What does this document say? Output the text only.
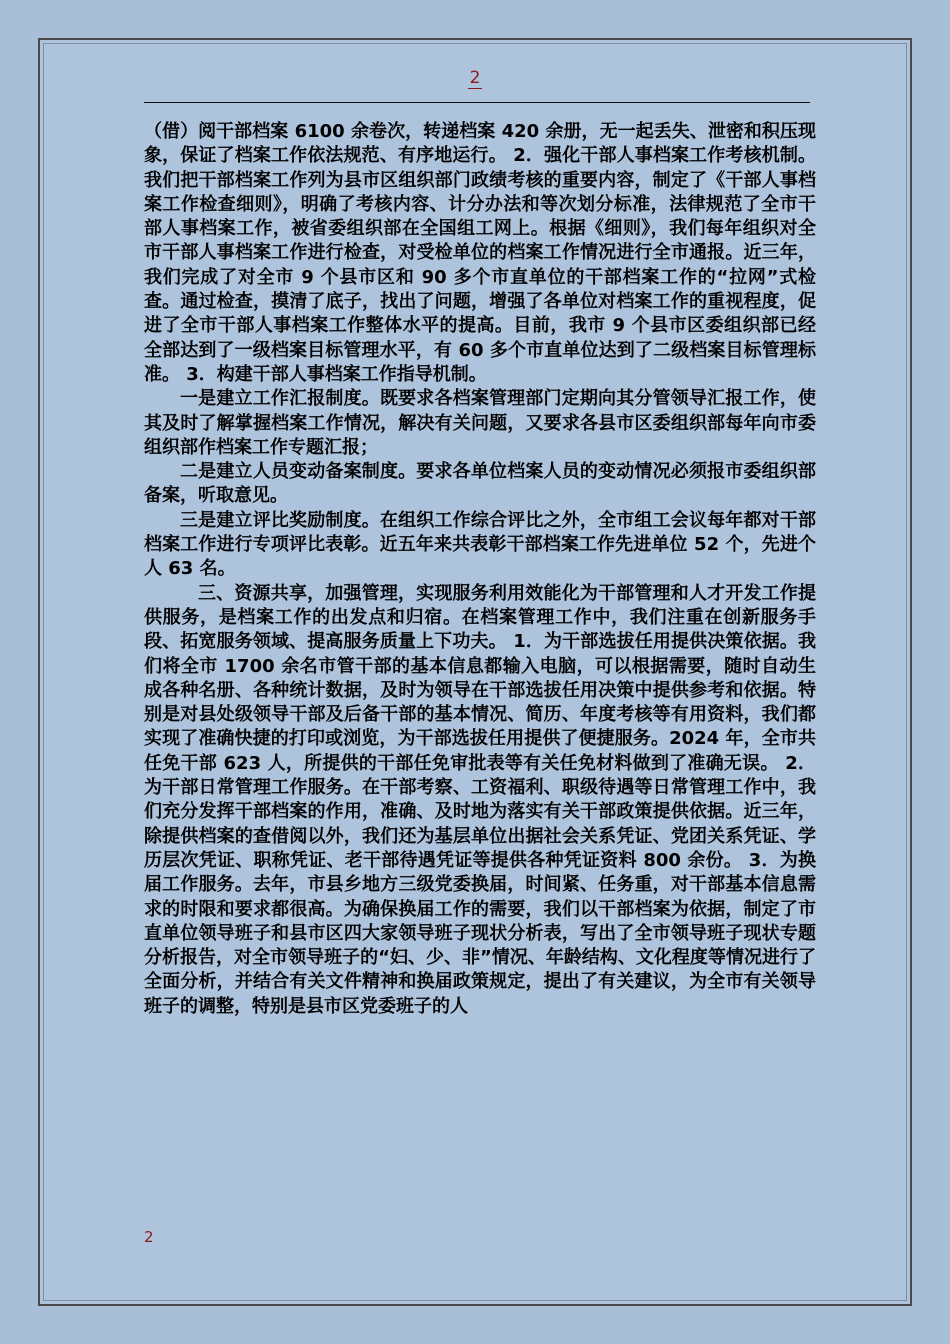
2

（借）阅干部档案 6100 余卷次，转递档案 420 余册，无一起丢失、泄密和积压现象，保证了档案工作依法规范、有序地运行。 2．强化干部人事档案工作考核机制。我们把干部档案工作列为县市区组织部门政绩考核的重要内容，制定了《干部人事档案工作检查细则》，明确了考核内容、计分办法和等次划分标准，法律规范了全市干部人事档案工作，被省委组织部在全国组工网上。根据《细则》，我们每年组织对全市干部人事档案工作进行检查，对受检单位的档案工作情况进行全市通报。近三年，我们完成了对全市 9 个县市区和 90 多个市直单位的干部档案工作的“拉网”式检查。通过检查，摸清了底子，找出了问题，增强了各单位对档案工作的重视程度，促进了全市干部人事档案工作整体水平的提高。目前，我市 9 个县市区委组织部已经全部达到了一级档案目标管理水平，有 60 多个市直单位达到了二级档案目标管理标准。 3．构建干部人事档案工作指导机制。

一是建立工作汇报制度。既要求各档案管理部门定期向其分管领导汇报工作，使其及时了解掌握档案工作情况，解决有关问题，又要求各县市区委组织部每年向市委组织部作档案工作专题汇报；

二是建立人员变动备案制度。要求各单位档案人员的变动情况必须报市委组织部备案，听取意见。

三是建立评比奖励制度。在组织工作综合评比之外，全市组工会议每年都对干部档案工作进行专项评比表彰。近五年来共表彰干部档案工作先进单位 52 个，先进个人 63 名。

三、资源共享，加强管理，实现服务利用效能化为干部管理和人才开发工作提供服务，是档案工作的出发点和归宿。在档案管理工作中，我们注重在创新服务手段、拓宽服务领域、提高服务质量上下功夫。 1．为干部选拔任用提供决策依据。我们将全市 1700 余名市管干部的基本信息都输入电脑，可以根据需要，随时自动生成各种名册、各种统计数据，及时为领导在干部选拔任用决策中提供参考和依据。特别是对县处级领导干部及后备干部的基本情况、简历、年度考核等有用资料，我们都实现了准确快捷的打印或浏览，为干部选拔任用提供了便捷服务。2024 年，全市共任免干部 623 人，所提供的干部任免审批表等有关任免材料做到了准确无误。 2．为干部日常管理工作服务。在干部考察、工资福利、职级待遇等日常管理工作中，我们充分发挥干部档案的作用，准确、及时地为落实有关干部政策提供依据。近三年，除提供档案的查借阅以外，我们还为基层单位出据社会关系凭证、党团关系凭证、学历层次凭证、职称凭证、老干部待遇凭证等提供各种凭证资料 800 余份。 3．为换届工作服务。去年，市县乡地方三级党委换届，时间紧、任务重，对干部基本信息需求的时限和要求都很高。为确保换届工作的需要，我们以干部档案为依据，制定了市直单位领导班子和县市区四大家领导班子现状分析表，写出了全市领导班子现状专题分析报告，对全市领导班子的“妇、少、非”情况、年龄结构、文化程度等情况进行了全面分析，并结合有关文件精神和换届政策规定，提出了有关建议，为全市有关领导班子的调整，特别是县市区党委班子的人

2
